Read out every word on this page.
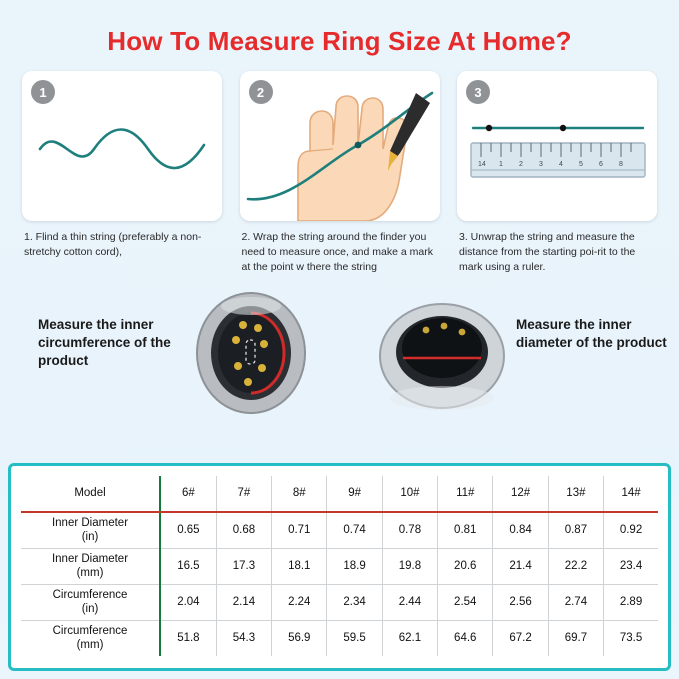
How To Measure Ring Size At Home?
1
1. Flind a thin string (preferably a non-stretchy cotton cord),
2
2. Wrap the string around the finder you need to measure once, and make a mark at the point w there the string
3
14 1 2 3 4 5 6 8
3. Unwrap the string and measure the distance from the starting poi-rit to the mark using a ruler.
Measure the inner circumference of the product
Measure the inner diameter of the product
Model	6#	7#	8#	9#	10#	11#	12#	13#	14#

Inner Diameter
(in)	0.65	0.68	0.71	0.74	0.78	0.81	0.84	0.87	0.92

Inner Diameter
(mm)	16.5	17.3	18.1	18.9	19.8	20.6	21.4	22.2	23.4

Circumference
(in)	2.04	2.14	2.24	2.34	2.44	2.54	2.56	2.74	2.89

Circumference
(mm)	51.8	54.3	56.9	59.5	62.1	64.6	67.2	69.7	73.5
